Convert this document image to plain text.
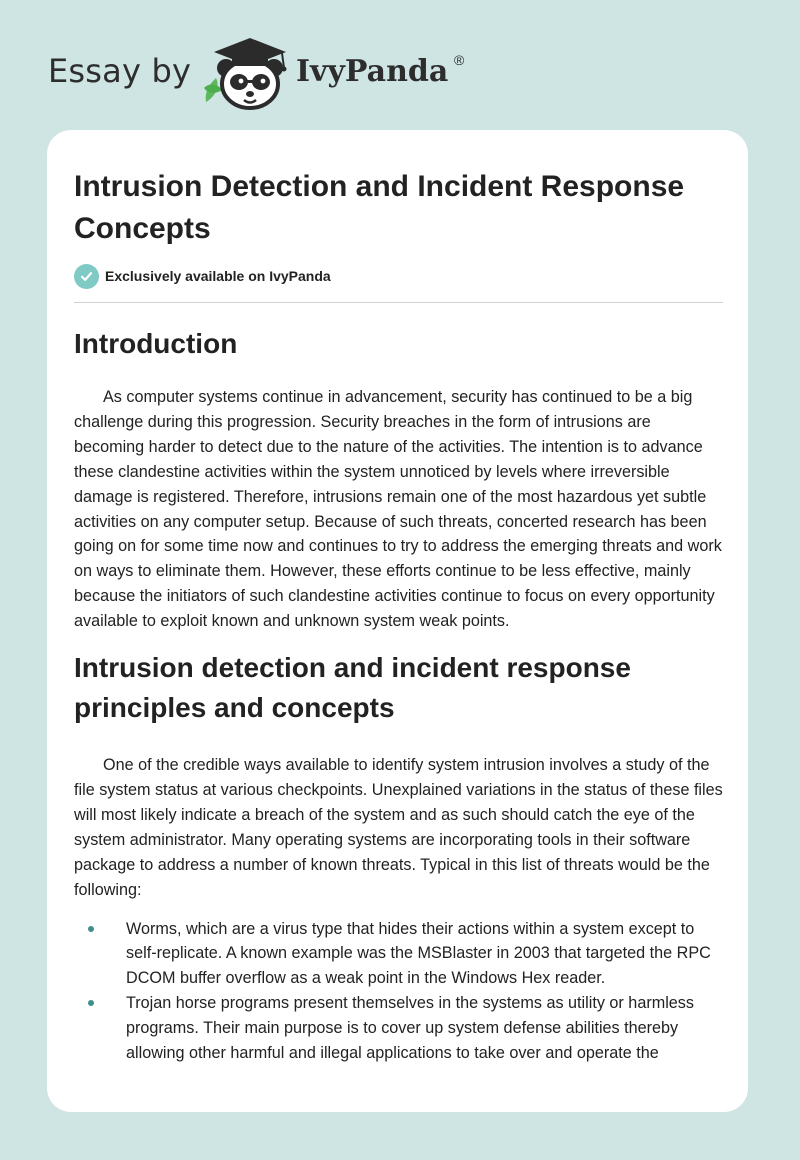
Essay by	IvyPanda ®
Intrusion Detection and Incident Response Concepts
Exclusively available on IvyPanda
Introduction

As computer systems continue in advancement, security has continued to be a big challenge during this progression. Security breaches in the form of intrusions are becoming harder to detect due to the nature of the activities. The intention is to advance these clandestine activities within the system unnoticed by levels where irreversible damage is registered. Therefore, intrusions remain one of the most hazardous yet subtle activities on any computer setup. Because of such threats, concerted research has been going on for some time now and continues to try to address the emerging threats and work on ways to eliminate them. However, these efforts continue to be less effective, mainly because the initiators of such clandestine activities continue to focus on every opportunity available to exploit known and unknown system weak points.

Intrusion detection and incident response principles and concepts

One of the credible ways available to identify system intrusion involves a study of the file system status at various checkpoints. Unexplained variations in the status of these files will most likely indicate a breach of the system and as such should catch the eye of the system administrator. Many operating systems are incorporating tools in their software package to address a number of known threats. Typical in this list of threats would be the following:

Worms, which are a virus type that hides their actions within a system except to self-replicate. A known example was the MSBlaster in 2003 that targeted the RPC DCOM buffer overflow as a weak point in the Windows Hex reader.
Trojan horse programs present themselves in the systems as utility or harmless programs. Their main purpose is to cover up system defense abilities thereby allowing other harmful and illegal applications to take over and operate the
